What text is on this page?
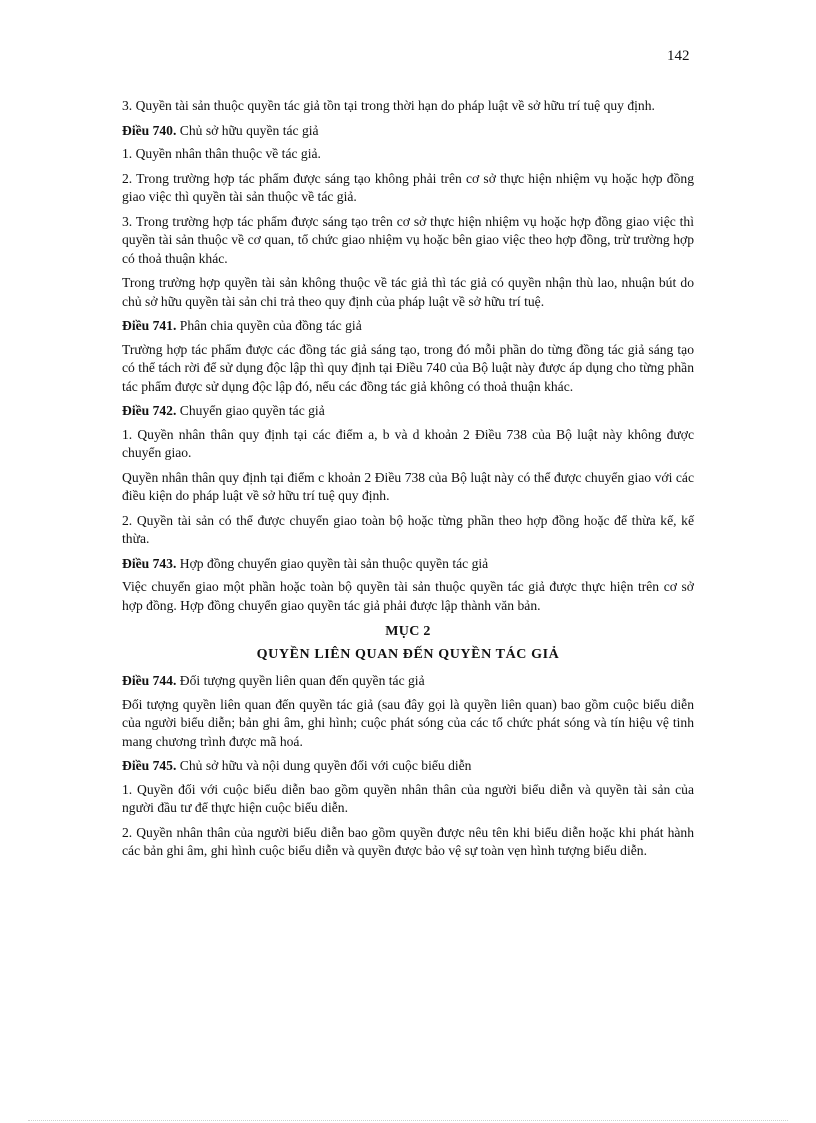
142

3. Quyền tài sản thuộc quyền tác giả tồn tại trong thời hạn do pháp luật về sở hữu trí tuệ quy định.

Điều 740. Chủ sở hữu quyền tác giả

1. Quyền nhân thân thuộc về tác giả.

2. Trong trường hợp tác phẩm được sáng tạo không phải trên cơ sở thực hiện nhiệm vụ hoặc hợp đồng giao việc thì quyền tài sản thuộc về tác giả.

3. Trong trường hợp tác phẩm được sáng tạo trên cơ sở thực hiện nhiệm vụ hoặc hợp đồng giao việc thì quyền tài sản thuộc về cơ quan, tổ chức giao nhiệm vụ hoặc bên giao việc theo hợp đồng, trừ trường hợp có thoả thuận khác.

Trong trường hợp quyền tài sản không thuộc về tác giả thì tác giả có quyền nhận thù lao, nhuận bút do chủ sở hữu quyền tài sản chi trả theo quy định của pháp luật về sở hữu trí tuệ.

Điều 741. Phân chia quyền của đồng tác giả

Trường hợp tác phẩm được các đồng tác giả sáng tạo, trong đó mỗi phần do từng đồng tác giả sáng tạo có thể tách rời để sử dụng độc lập thì quy định tại Điều 740 của Bộ luật này được áp dụng cho từng phần tác phẩm được sử dụng độc lập đó, nếu các đồng tác giả không có thoả thuận khác.

Điều 742. Chuyển giao quyền tác giả

1. Quyền nhân thân quy định tại các điểm a, b và d khoản 2 Điều 738 của Bộ luật này không được chuyển giao.

Quyền nhân thân quy định tại điểm c khoản 2 Điều 738 của Bộ luật này có thể được chuyển giao với các điều kiện do pháp luật về sở hữu trí tuệ quy định.

2. Quyền tài sản có thể được chuyển giao toàn bộ hoặc từng phần theo hợp đồng hoặc để thừa kế, kế thừa.

Điều 743. Hợp đồng chuyển giao quyền tài sản thuộc quyền tác giả

Việc chuyển giao một phần hoặc toàn bộ quyền tài sản thuộc quyền tác giả được thực hiện trên cơ sở hợp đồng. Hợp đồng chuyển giao quyền tác giả phải được lập thành văn bản.

MỤC 2
QUYỀN LIÊN QUAN ĐẾN QUYỀN TÁC GIẢ

Điều 744. Đối tượng quyền liên quan đến quyền tác giả

Đối tượng quyền liên quan đến quyền tác giả (sau đây gọi là quyền liên quan) bao gồm cuộc biểu diễn của người biểu diễn; bản ghi âm, ghi hình; cuộc phát sóng của các tổ chức phát sóng và tín hiệu vệ tinh mang chương trình được mã hoá.

Điều 745. Chủ sở hữu và nội dung quyền đối với cuộc biểu diễn

1. Quyền đối với cuộc biểu diễn bao gồm quyền nhân thân của người biểu diễn và quyền tài sản của người đầu tư để thực hiện cuộc biểu diễn.

2. Quyền nhân thân của người biểu diễn bao gồm quyền được nêu tên khi biểu diễn hoặc khi phát hành các bản ghi âm, ghi hình cuộc biểu diễn và quyền được bảo vệ sự toàn vẹn hình tượng biểu diễn.
